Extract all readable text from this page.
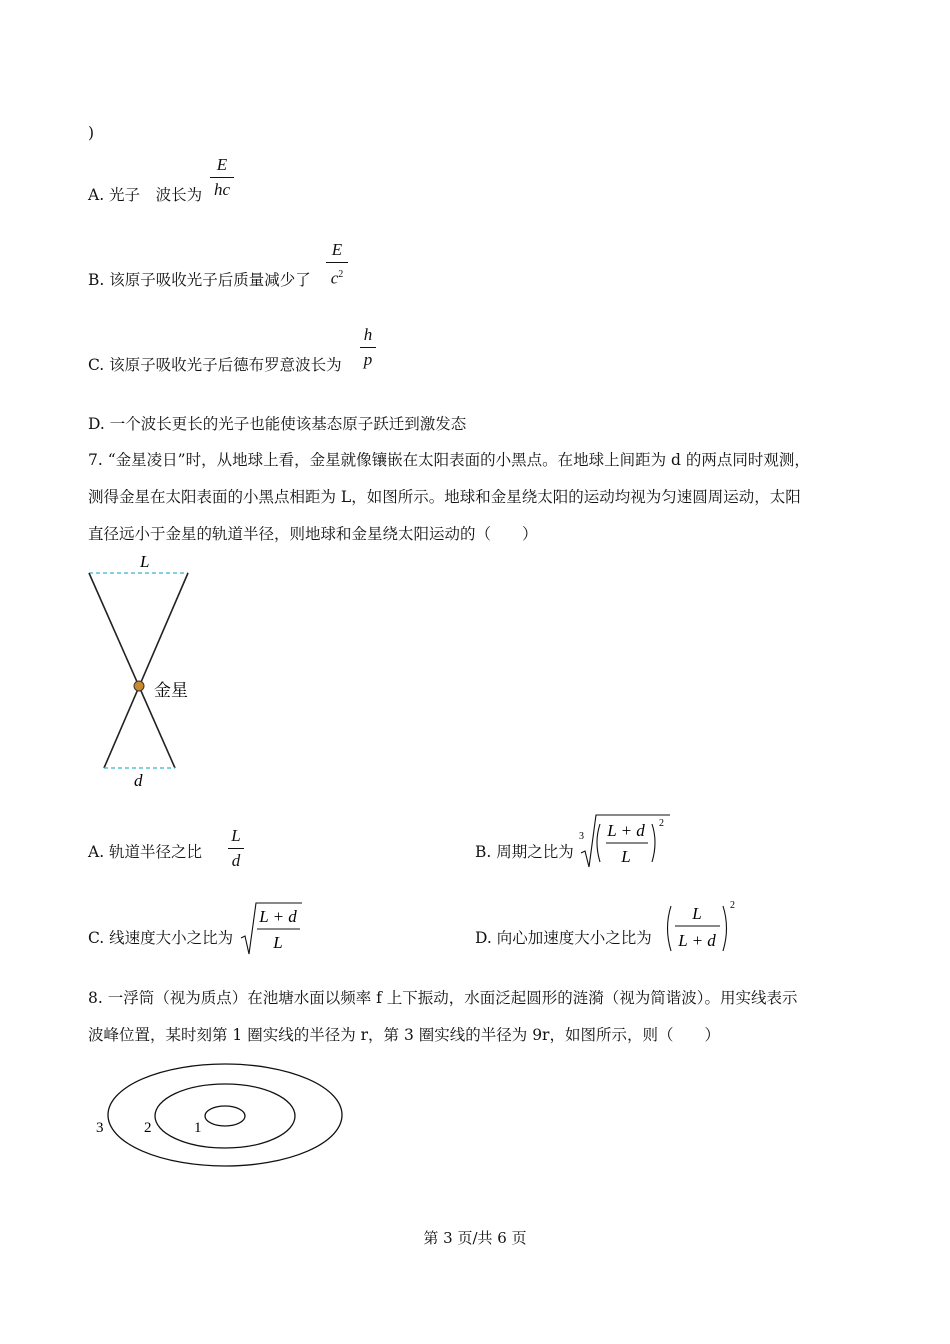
)
A. 光子　 波长为
E
hc
B. 该原子吸收光子后质量减少了
E
$c^2$
C. 该原子吸收光子后德布罗意波长为
h
p
D. 一个波长更长的光子也能使该基态原子跃迁到激发态
7. “金星凌日”时，从地球上看，金星就像镶嵌在太阳表面的小黑点。在地球上间距为 d 的两点同时观测，
测得金星在太阳表面的小黑点相距为 L，如图所示。地球和金星绕太阳的运动均视为匀速圆周运动，太阳
直径远小于金星的轨道半径，则地球和金星绕太阳运动的（　　）
L
金星
d
A. 轨道半径之比
L
d	B. 周期之比为
3 L + d
L
2
C. 线速度大小之比为
L + d
L	D. 向心加速度大小之比为
L
L + d
2
8. 一浮筒（视为质点）在池塘水面以频率 f 上下振动，水面泛起圆形的涟漪（视为简谐波）。用实线表示
波峰位置，某时刻第 1 圈实线的半径为 r，第 3 圈实线的半径为 9r，如图所示，则（　　）
1
2
3
第 3 页/共 6 页
